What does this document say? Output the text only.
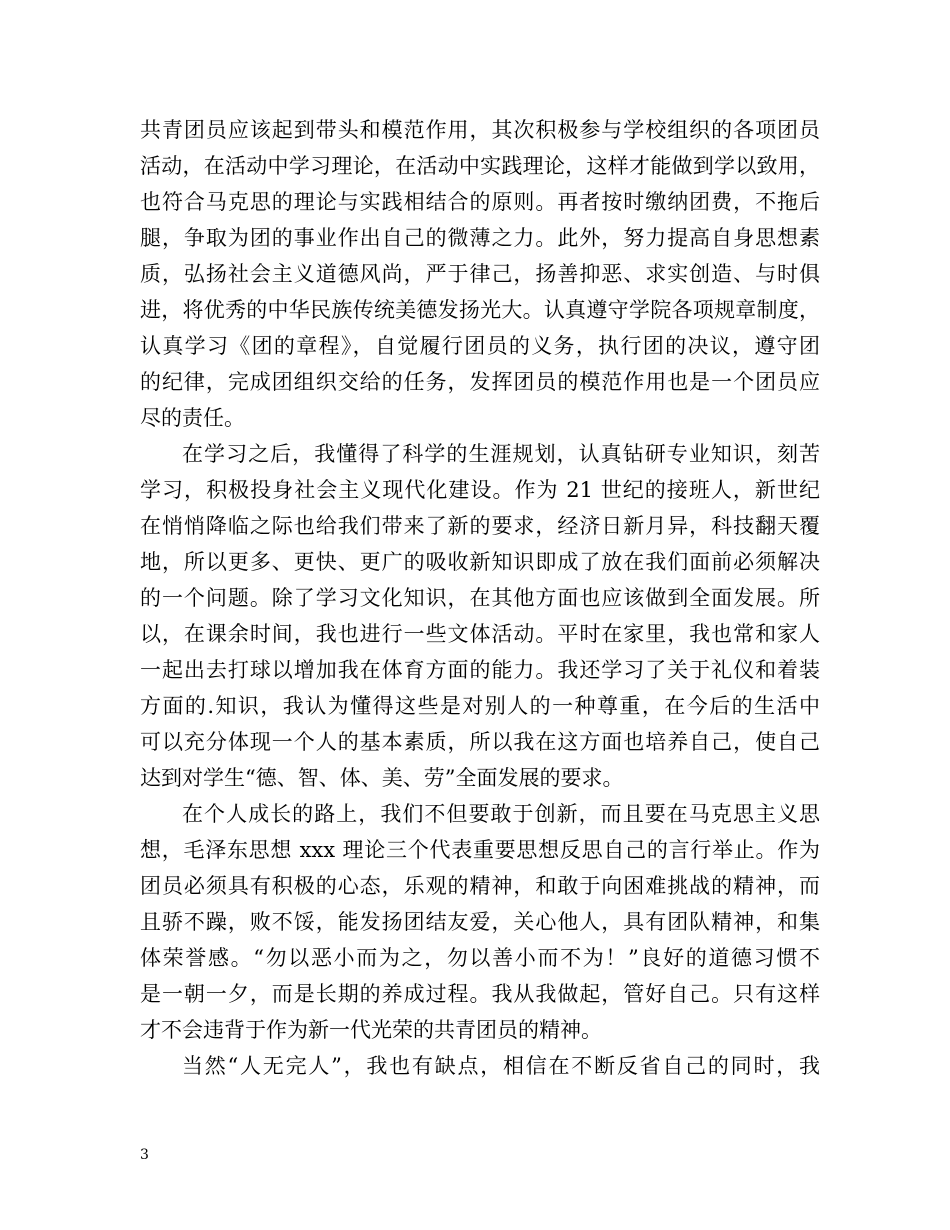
共青团员应该起到带头和模范作用，其次积极参与学校组织的各项团员
活动，在活动中学习理论，在活动中实践理论，这样才能做到学以致用，
也符合马克思的理论与实践相结合的原则。再者按时缴纳团费，不拖后
腿，争取为团的事业作出自己的微薄之力。此外，努力提高自身思想素
质，弘扬社会主义道德风尚，严于律己，扬善抑恶、求实创造、与时俱
进，将优秀的中华民族传统美德发扬光大。认真遵守学院各项规章制度，
认真学习《团的章程》，自觉履行团员的义务，执行团的决议，遵守团
的纪律，完成团组织交给的任务，发挥团员的模范作用也是一个团员应
尽的责任。
在学习之后，我懂得了科学的生涯规划，认真钻研专业知识，刻苦
学习，积极投身社会主义现代化建设。作为 21 世纪的接班人，新世纪
在悄悄降临之际也给我们带来了新的要求，经济日新月异，科技翻天覆
地，所以更多、更快、更广的吸收新知识即成了放在我们面前必须解决
的一个问题。除了学习文化知识，在其他方面也应该做到全面发展。所
以，在课余时间，我也进行一些文体活动。平时在家里，我也常和家人
一起出去打球以增加我在体育方面的能力。我还学习了关于礼仪和着装
方面的.知识，我认为懂得这些是对别人的一种尊重，在今后的生活中
可以充分体现一个人的基本素质，所以我在这方面也培养自己，使自己
达到对学生“德、智、体、美、劳”全面发展的要求。
在个人成长的路上，我们不但要敢于创新，而且要在马克思主义思
想，毛泽东思想 xxx 理论三个代表重要思想反思自己的言行举止。作为
团员必须具有积极的心态，乐观的精神，和敢于向困难挑战的精神，而
且骄不躁，败不馁，能发扬团结友爱，关心他人，具有团队精神，和集
体荣誉感。“勿以恶小而为之，勿以善小而不为！”良好的道德习惯不
是一朝一夕，而是长期的养成过程。我从我做起，管好自己。只有这样
才不会违背于作为新一代光荣的共青团员的精神。
当然“人无完人”，我也有缺点，相信在不断反省自己的同时，我
3
